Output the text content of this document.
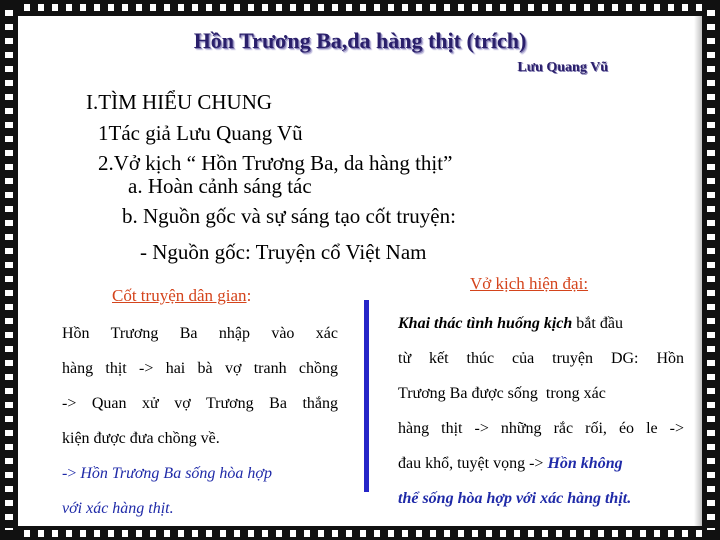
Hồn Trương Ba,da hàng thịt (trích)
Lưu Quang Vũ
I.TÌM HIỂU CHUNG
1Tác giả Lưu Quang Vũ
2.Vở kịch “ Hồn Trương Ba, da hàng thịt”
a. Hoàn cảnh sáng tác
b. Nguồn gốc và sự sáng tạo cốt truyện:
- Nguồn gốc: Truyện cổ Việt Nam
Cốt truyện dân gian:
Vở kịch hiện đại:
Hồn Trương Ba nhập vào xác
hàng thịt -> hai bà vợ tranh chồng
-> Quan xử vợ Trương Ba thắng
kiện được đưa chồng về.
-> Hồn Trương Ba sống hòa hợp
với xác hàng thịt.
Khai thác tình huống kịch bắt đầu
từ kết thúc của truyện DG: Hồn
Trương Ba được sống  trong xác
hàng thịt -> những rắc rối, éo le ->
đau khổ, tuyệt vọng -> Hồn không
thể sống hòa hợp với xác hàng thịt.
